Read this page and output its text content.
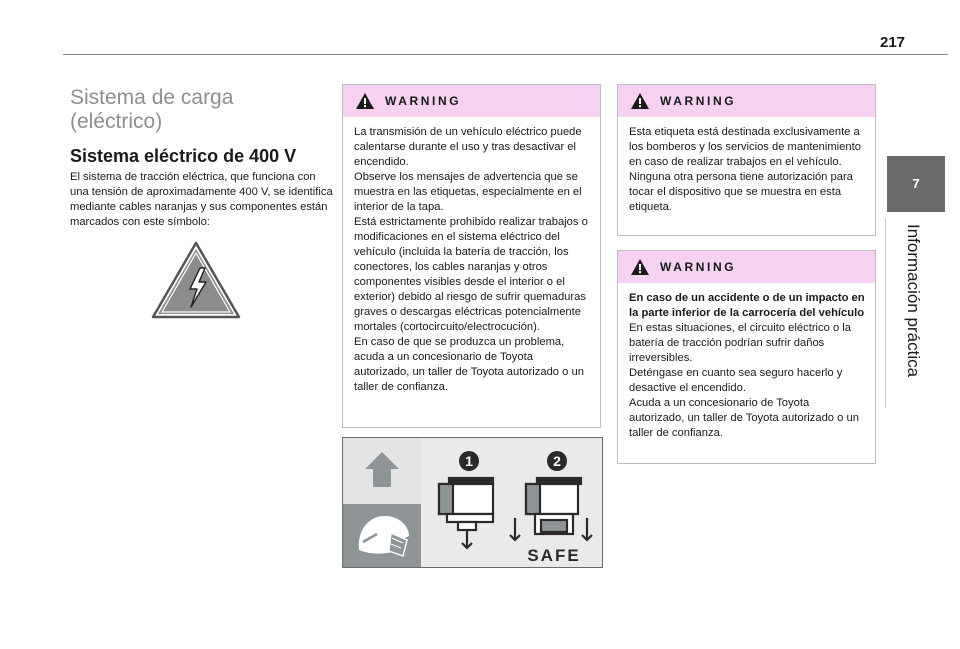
217
7
Información práctica
Sistema de carga (eléctrico)
Sistema eléctrico de 400 V
El sistema de tracción eléctrica, que funciona con una tensión de aproximadamente 400 V, se identifica mediante cables naranjas y sus componentes están marcados con este símbolo:
WARNING

La transmisión de un vehículo eléctrico puede calentarse durante el uso y tras desactivar el encendido.

Observe los mensajes de advertencia que se muestra en las etiquetas, especialmente en el interior de la tapa.

Está estrictamente prohibido realizar trabajos o modificaciones en el sistema eléctrico del vehículo (incluida la batería de tracción, los conectores, los cables naranjas y otros componentes visibles desde el interior o el exterior) debido al riesgo de sufrir quemaduras graves o descargas eléctricas potencialmente mortales (cortocircuito/electrocución).

En caso de que se produzca un problema, acuda a un concesionario de Toyota autorizado, un taller de Toyota autorizado o un taller de confianza.

WARNING

Esta etiqueta está destinada exclusivamente a los bomberos y los servicios de mantenimiento en caso de realizar trabajos en el vehículo.

Ninguna otra persona tiene autorización para tocar el dispositivo que se muestra en esta etiqueta.

WARNING

En caso de un accidente o de un impacto en la parte inferior de la carrocería del vehículo

En estas situaciones, el circuito eléctrico o la batería de tracción podrían sufrir daños irreversibles.

Deténgase en cuanto sea seguro hacerlo y desactive el encendido.

Acuda a un concesionario de Toyota autorizado, un taller de Toyota autorizado o un taller de confianza.

1	2
SAFE
